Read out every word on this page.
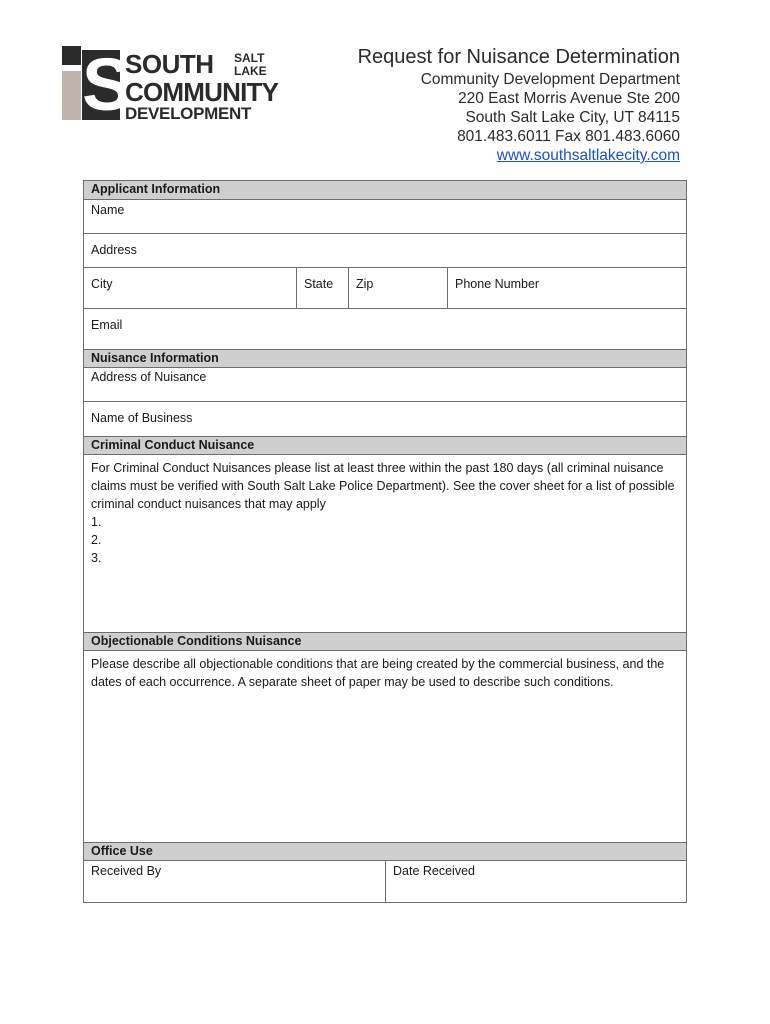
S
SOUTH SALT
LAKE
COMMUNITY
DEVELOPMENT
Request for Nuisance Determination
Community Development Department
220 East Morris Avenue Ste 200
South Salt Lake City, UT 84115
801.483.6011 Fax 801.483.6060
www.southsaltlakecity.com
Applicant Information
Name
Address
City	State	Zip	Phone Number
Email
Nuisance Information
Address of Nuisance
Name of Business
Criminal Conduct Nuisance

For Criminal Conduct Nuisances please list at least three within the past 180 days (all criminal nuisance claims must be verified with South Salt Lake Police Department). See the cover sheet for a list of possible criminal conduct nuisances that may apply

1.

2.

3.

Objectionable Conditions Nuisance

Please describe all objectionable conditions that are being created by the commercial business, and the dates of each occurrence. A separate sheet of paper may be used to describe such conditions.

Office Use
Received By	Date Received
